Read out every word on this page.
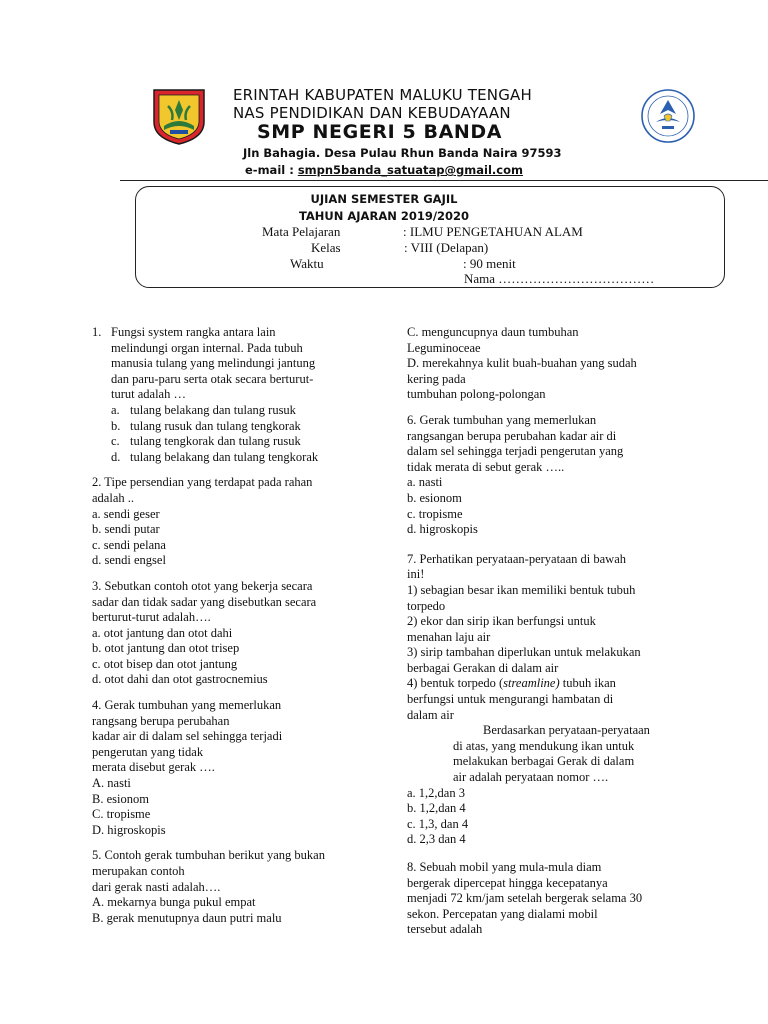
ERINTAH KABUPATEN MALUKU TENGAH
NAS PENDIDIKAN DAN KEBUDAYAAN
SMP NEGERI 5 BANDA
Jln Bahagia. Desa Pulau Rhun Banda Naira 97593
e-mail : smpn5banda_satuatap@gmail.com
UJIAN SEMESTER GAJIL
TAHUN AJARAN 2019/2020
Mata Pelajaran	: ILMU PENGETAHUAN ALAM
Kelas	: VIII (Delapan)
Waktu	: 90 menit
Nama ………………………………
1. Fungsi system rangka antara lain

melindungi organ internal. Pada tubuh

manusia tulang yang melindungi jantung

dan paru-paru serta otak secara berturut-

turut adalah …

a. tulang belakang dan tulang rusuk
b. tulang rusuk dan tulang tengkorak
c. tulang tengkorak dan tulang rusuk
d. tulang belakang dan tulang tengkorak

2. Tipe persendian yang terdapat pada rahan

adalah ..

a. sendi geser

b. sendi putar

c. sendi pelana

d. sendi engsel

3. Sebutkan contoh otot yang bekerja secara

sadar dan tidak sadar yang disebutkan secara

berturut-turut adalah….

a. otot jantung dan otot dahi

b. otot jantung dan otot trisep

c. otot bisep dan otot jantung

d. otot dahi dan otot gastrocnemius

4. Gerak tumbuhan yang memerlukan

rangsang berupa perubahan

kadar air di dalam sel sehingga terjadi

pengerutan yang tidak

merata disebut gerak ….

A. nasti

B. esionom

C. tropisme

D. higroskopis

5. Contoh gerak tumbuhan berikut yang bukan

merupakan contoh

dari gerak nasti adalah….

A. mekarnya bunga pukul empat

B. gerak menutupnya daun putri malu

C. menguncupnya daun tumbuhan

Leguminoceae

D. merekahnya kulit buah-buahan yang sudah

kering pada

tumbuhan polong-polongan

6. Gerak tumbuhan yang memerlukan

rangsangan berupa perubahan kadar air di

dalam sel sehingga terjadi pengerutan yang

tidak merata di sebut gerak …..

a. nasti

b. esionom

c. tropisme

d. higroskopis

7. Perhatikan peryataan-peryataan di bawah

ini!

1) sebagian besar ikan memiliki bentuk tubuh

torpedo

2) ekor dan sirip ikan berfungsi untuk

menahan laju air

3) sirip tambahan diperlukan untuk melakukan

berbagai Gerakan di dalam air

4) bentuk torpedo (streamline) tubuh ikan

berfungsi untuk mengurangi hambatan di

dalam air

Berdasarkan peryataan-peryataan

di atas, yang mendukung ikan untuk

melakukan berbagai Gerak di dalam

air adalah peryataan nomor ….

a. 1,2,dan 3

b. 1,2,dan 4

c. 1,3, dan 4

d. 2,3 dan 4

8. Sebuah mobil yang mula-mula diam

bergerak dipercepat hingga kecepatanya

menjadi 72 km/jam setelah bergerak selama 30

sekon. Percepatan yang dialami mobil

tersebut adalah
